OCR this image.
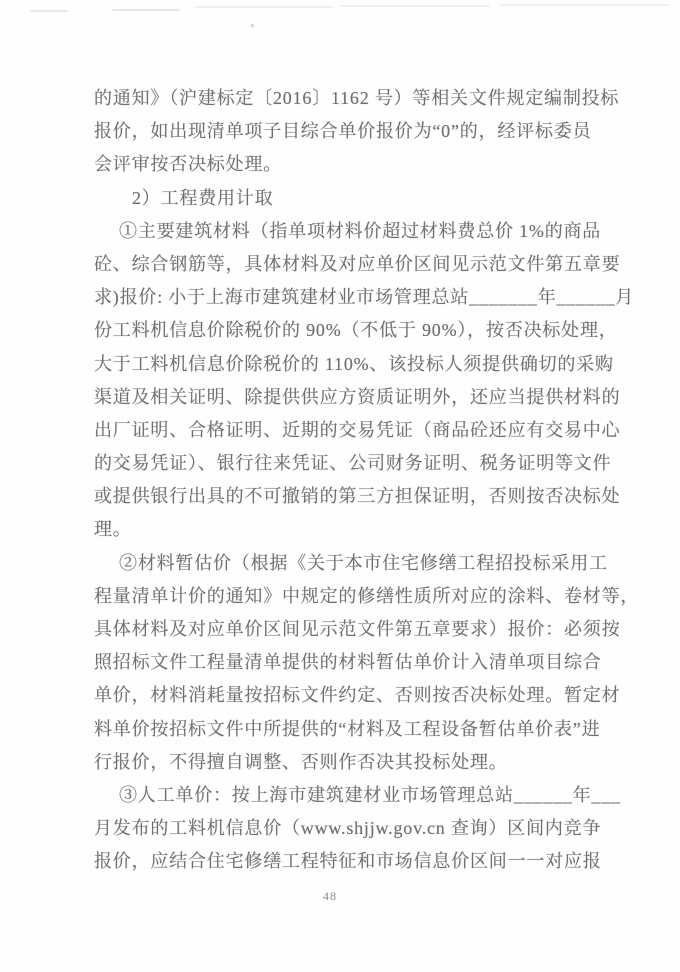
的通知》（沪建标定〔2016〕1162 号）等相关文件规定编制投标
报价，如出现清单项子目综合单价报价为“0”的，经评标委员
会评审按否决标处理。
2）工程费用计取
①主要建筑材料（指单项材料价超过材料费总价 1%的商品
砼、综合钢筋等，具体材料及对应单价区间见示范文件第五章要
求)报价: 小于上海市建筑建材业市场管理总站_______年______月
份工料机信息价除税价的 90%（不低于 90%），按否决标处理，
大于工料机信息价除税价的 110%、该投标人须提供确切的采购
渠道及相关证明、除提供供应方资质证明外，还应当提供材料的
出厂证明、合格证明、近期的交易凭证（商品砼还应有交易中心
的交易凭证）、银行往来凭证、公司财务证明、税务证明等文件
或提供银行出具的不可撤销的第三方担保证明，否则按否决标处
理。
②材料暂估价（根据《关于本市住宅修缮工程招投标采用工
程量清单计价的通知》中规定的修缮性质所对应的涂料、卷材等，
具体材料及对应单价区间见示范文件第五章要求）报价：必须按
照招标文件工程量清单提供的材料暂估单价计入清单项目综合
单价，材料消耗量按招标文件约定、否则按否决标处理。暂定材
料单价按招标文件中所提供的“材料及工程设备暂估单价表”进
行报价，不得擅自调整、否则作否决其投标处理。
③人工单价：按上海市建筑建材业市场管理总站______年___
月发布的工料机信息价（www.shjjw.gov.cn 查询）区间内竞争
报价，应结合住宅修缮工程特征和市场信息价区间一一对应报
48
